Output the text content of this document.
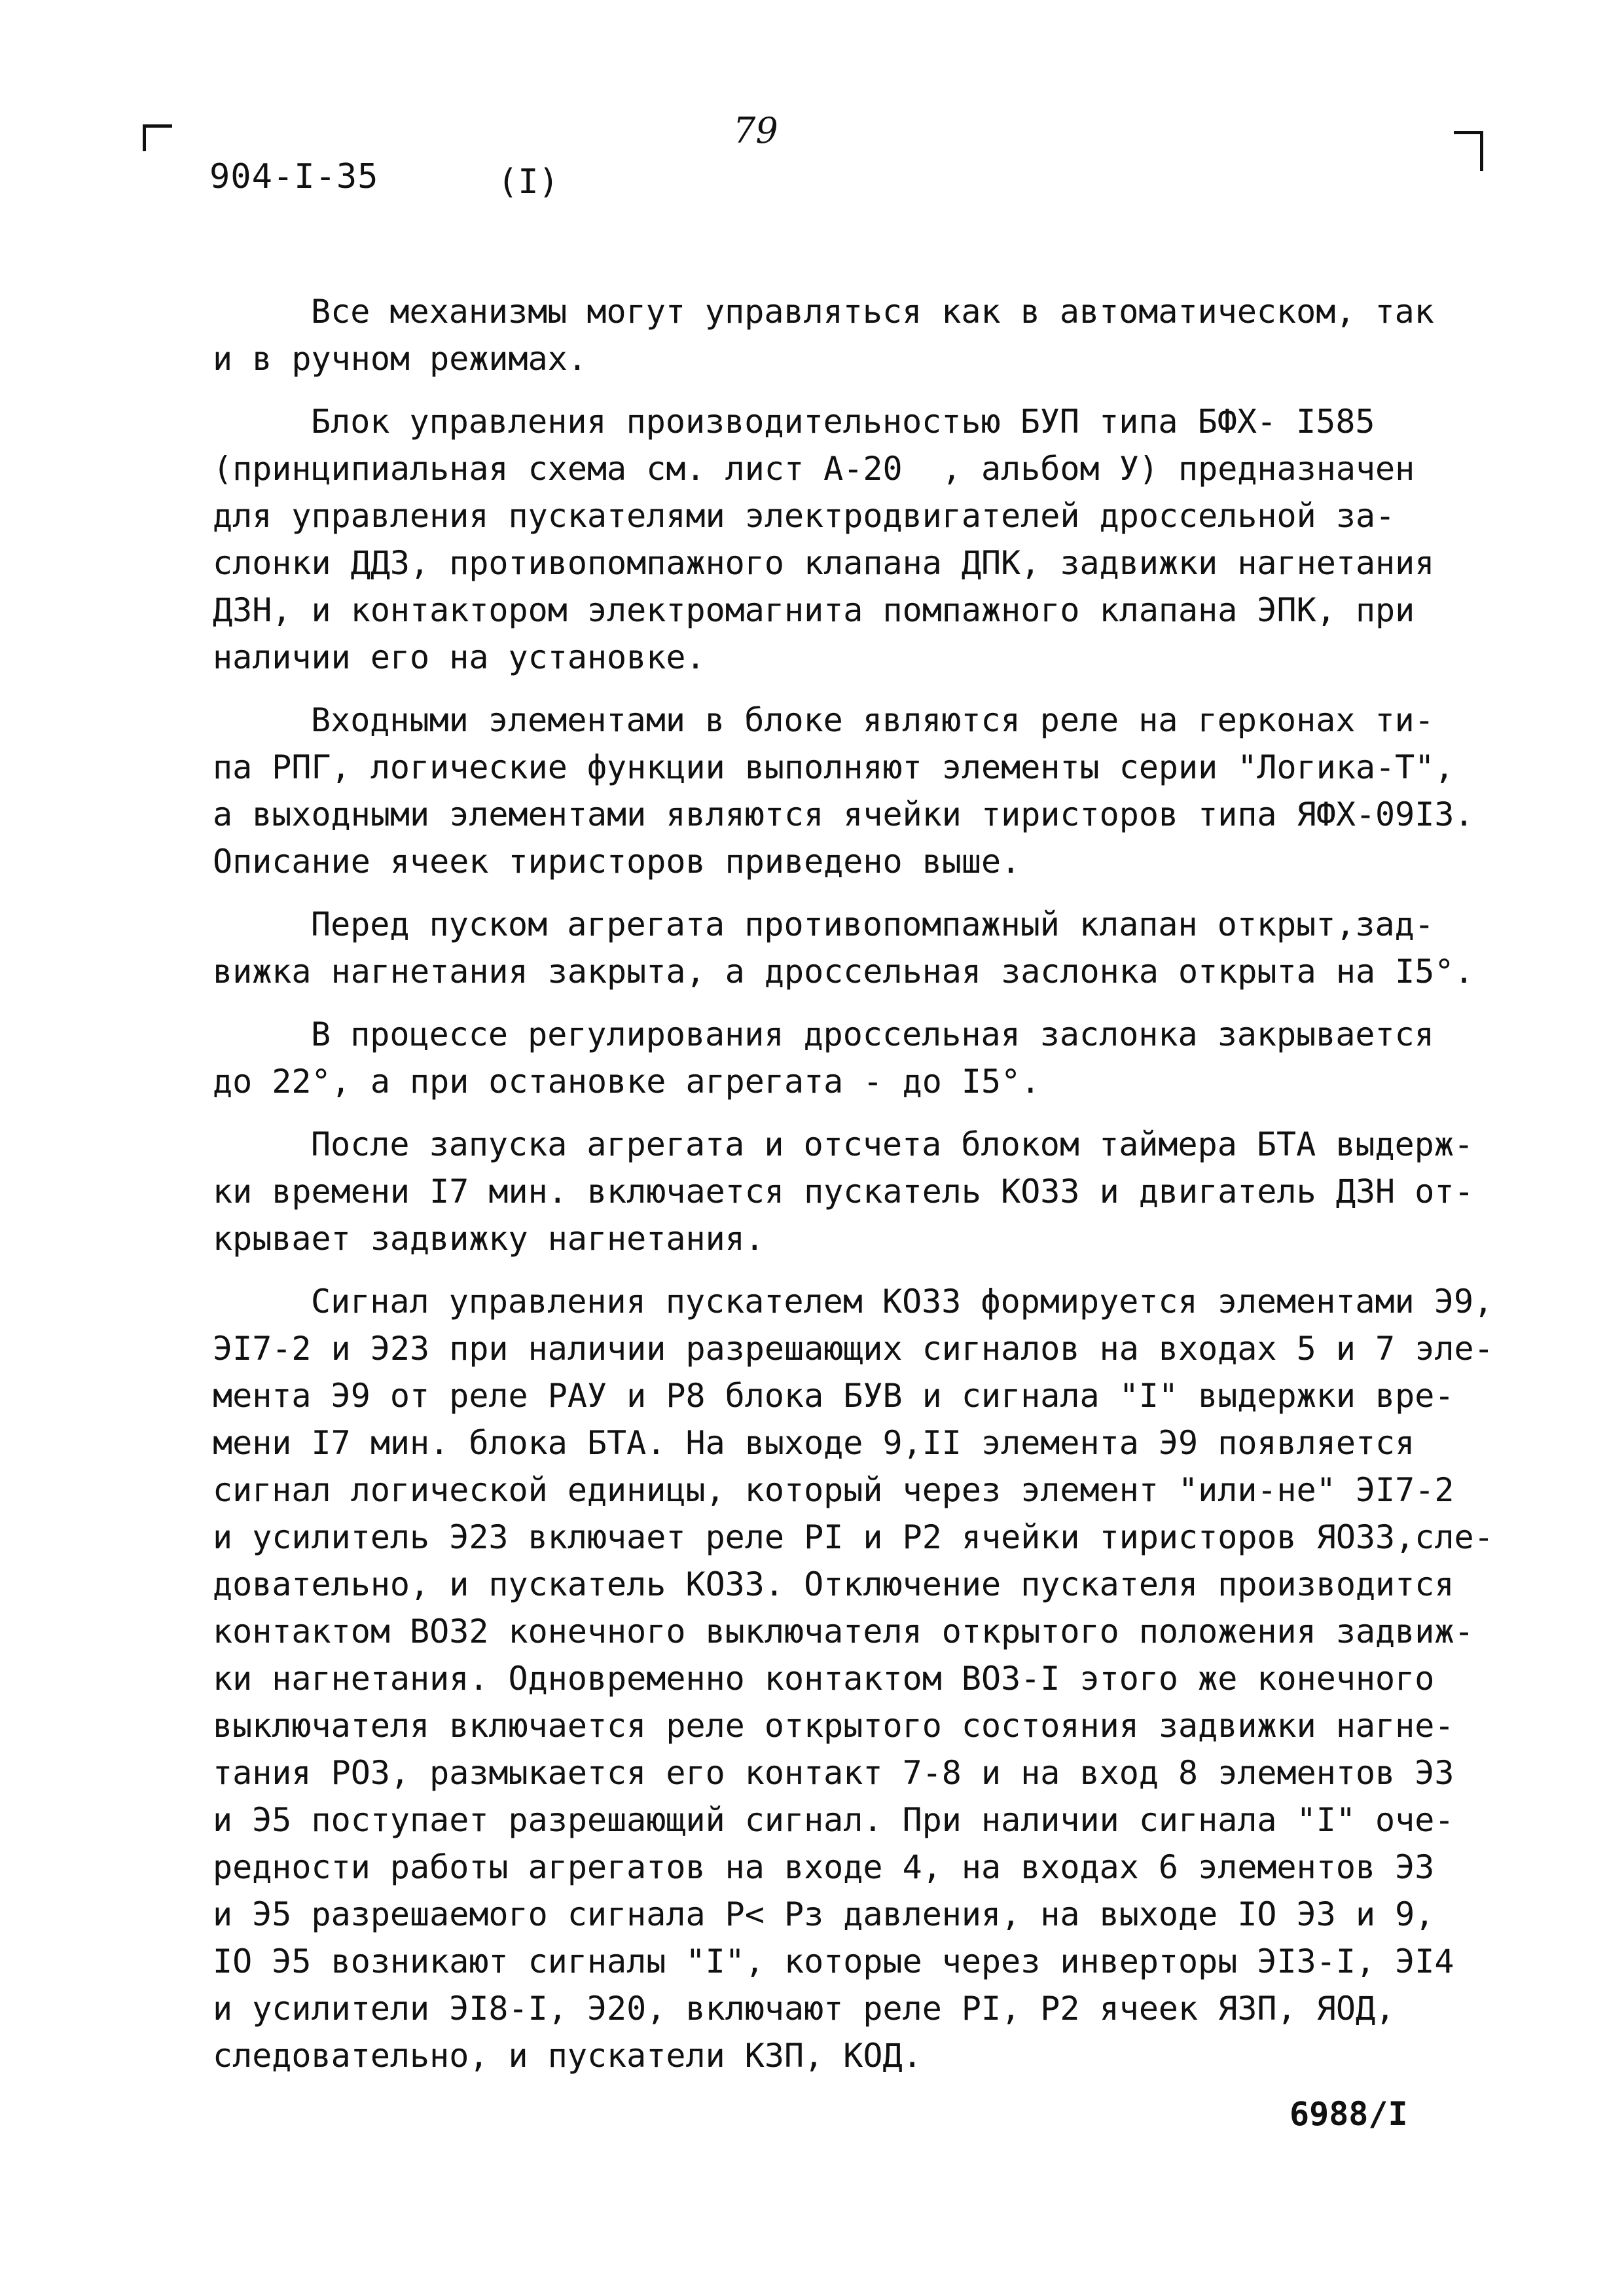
904-I-35	(I)
79
Все механизмы могут управляться как в автоматическом, так
и в ручном режимах.
Блок управления производительностью БУП типа БФХ- I585
(принципиальная схема см. лист А-20  , альбом У) предназначен
для управления пускателями электродвигателей дроссельной за-
слонки ДДЗ, противопомпажного клапана ДПК, задвижки нагнетания
ДЗН, и контактором электромагнита помпажного клапана ЭПК, при
наличии его на установке.
Входными элементами в блоке являются реле на герконах ти-
па РПГ, логические функции выполняют элементы серии "Логика-Т",
а выходными элементами являются ячейки тиристоров типа ЯФХ-09I3.
Описание ячеек тиристоров приведено выше.
Перед пуском агрегата противопомпажный клапан открыт,зад-
вижка нагнетания закрыта, а дроссельная заслонка открыта на I5°.
В процессе регулирования дроссельная заслонка закрывается
до 22°, а при остановке агрегата - до I5°.
После запуска агрегата и отсчета блоком таймера БТА выдерж-
ки времени I7 мин. включается пускатель КОЗЗ и двигатель ДЗН от-
крывает задвижку нагнетания.
Сигнал управления пускателем КОЗЗ формируется элементами Э9,
ЭI7-2 и Э23 при наличии разрешающих сигналов на входах 5 и 7 эле-
мента Э9 от реле РАУ и Р8 блока БУВ и сигнала "I" выдержки вре-
мени I7 мин. блока БТА. На выходе 9,II элемента Э9 появляется
сигнал логической единицы, который через элемент "или-не" ЭI7-2
и усилитель Э23 включает реле PI и Р2 ячейки тиристоров ЯОЗЗ,сле-
довательно, и пускатель КОЗЗ. Отключение пускателя производится
контактом ВОЗ2 конечного выключателя открытого положения задвиж-
ки нагнетания. Одновременно контактом ВОЗ-I этого же конечного
выключателя включается реле открытого состояния задвижки нагне-
тания РОЗ, размыкается его контакт 7-8 и на вход 8 элементов ЭЗ
и Э5 поступает разрешающий сигнал. При наличии сигнала "I" оче-
редности работы агрегатов на входе 4, на входах 6 элементов ЭЗ
и Э5 разрешаемого сигнала Р< Рз давления, на выходе IO ЭЗ и 9,
IO Э5 возникают сигналы "I", которые через инверторы ЭI3-I, ЭI4
и усилители ЭI8-I, Э20, включают реле PI, Р2 ячеек ЯЗП, ЯОД,
следовательно, и пускатели КЗП, КОД.
6988/I
